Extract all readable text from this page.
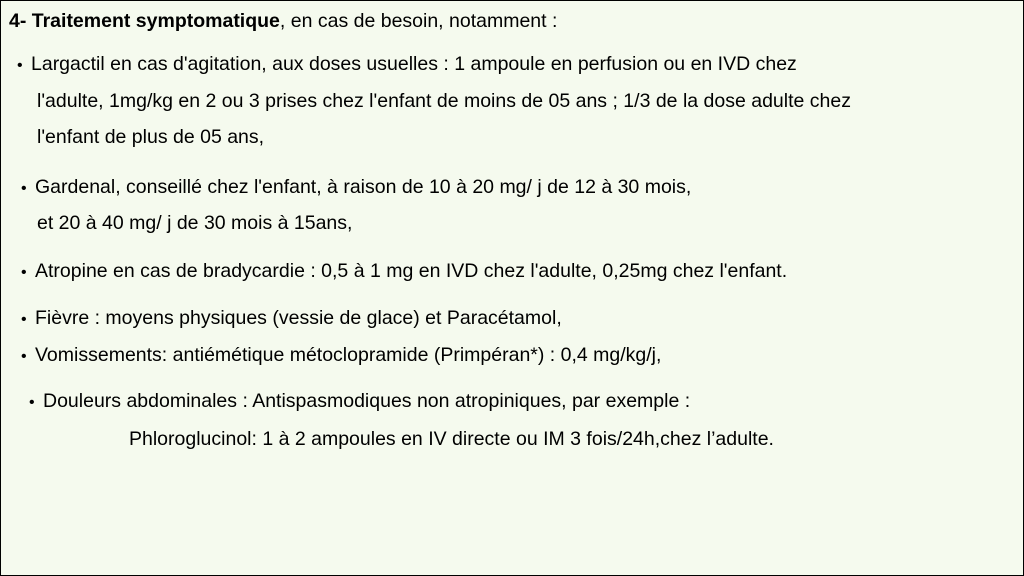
4- Traitement symptomatique, en cas de besoin, notamment :
• Largactil en cas d'agitation, aux doses usuelles : 1 ampoule en perfusion ou en IVD chez
l'adulte, 1mg/kg en 2 ou 3 prises chez l'enfant de moins de 05 ans ; 1/3 de la dose adulte chez
l'enfant de plus de 05 ans,
• Gardenal, conseillé chez l'enfant, à raison de 10 à 20 mg/ j de 12 à 30 mois,
et 20 à 40 mg/ j de 30 mois à 15ans,
• Atropine en cas de bradycardie : 0,5 à 1 mg en IVD chez l'adulte, 0,25mg chez l'enfant.
• Fièvre : moyens physiques (vessie de glace) et Paracétamol,
• Vomissements: antiémétique métoclopramide (Primpéran*) : 0,4 mg/kg/j,
• Douleurs abdominales : Antispasmodiques non atropiniques, par exemple :
Phloroglucinol: 1 à 2 ampoules en IV directe ou IM 3 fois/24h,chez l’adulte.
